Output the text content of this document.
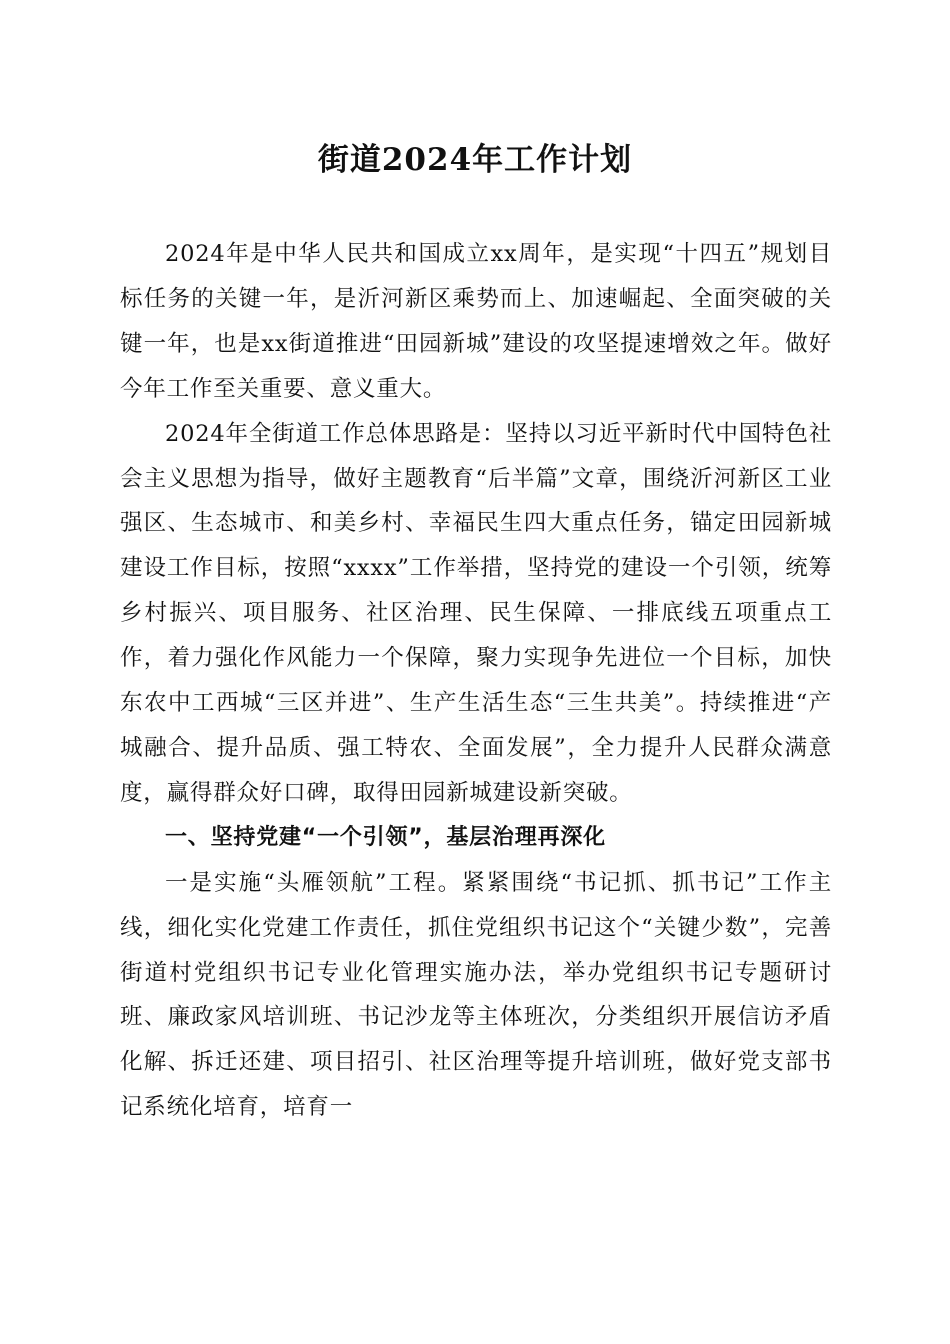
街道2024年工作计划

2024年是中华人民共和国成立xx周年，是实现“十四五”规划目标任务的关键一年，是沂河新区乘势而上、加速崛起、全面突破的关键一年，也是xx街道推进“田园新城”建设的攻坚提速增效之年。做好今年工作至关重要、意义重大。

2024年全街道工作总体思路是：坚持以习近平新时代中国特色社会主义思想为指导，做好主题教育“后半篇”文章，围绕沂河新区工业强区、生态城市、和美乡村、幸福民生四大重点任务，锚定田园新城建设工作目标，按照“xxxx”工作举措，坚持党的建设一个引领，统筹乡村振兴、项目服务、社区治理、民生保障、一排底线五项重点工作，着力强化作风能力一个保障，聚力实现争先进位一个目标，加快东农中工西城“三区并进”、生产生活生态“三生共美”。持续推进“产城融合、提升品质、强工特农、全面发展”，全力提升人民群众满意度，赢得群众好口碑，取得田园新城建设新突破。

一、坚持党建“一个引领”，基层治理再深化

一是实施“头雁领航”工程。紧紧围绕“书记抓、抓书记”工作主线，细化实化党建工作责任，抓住党组织书记这个“关键少数”，完善街道村党组织书记专业化管理实施办法，举办党组织书记专题研讨班、廉政家风培训班、书记沙龙等主体班次，分类组织开展信访矛盾化解、拆迁还建、项目招引、社区治理等提升培训班，做好党支部书记系统化培育，培育一
